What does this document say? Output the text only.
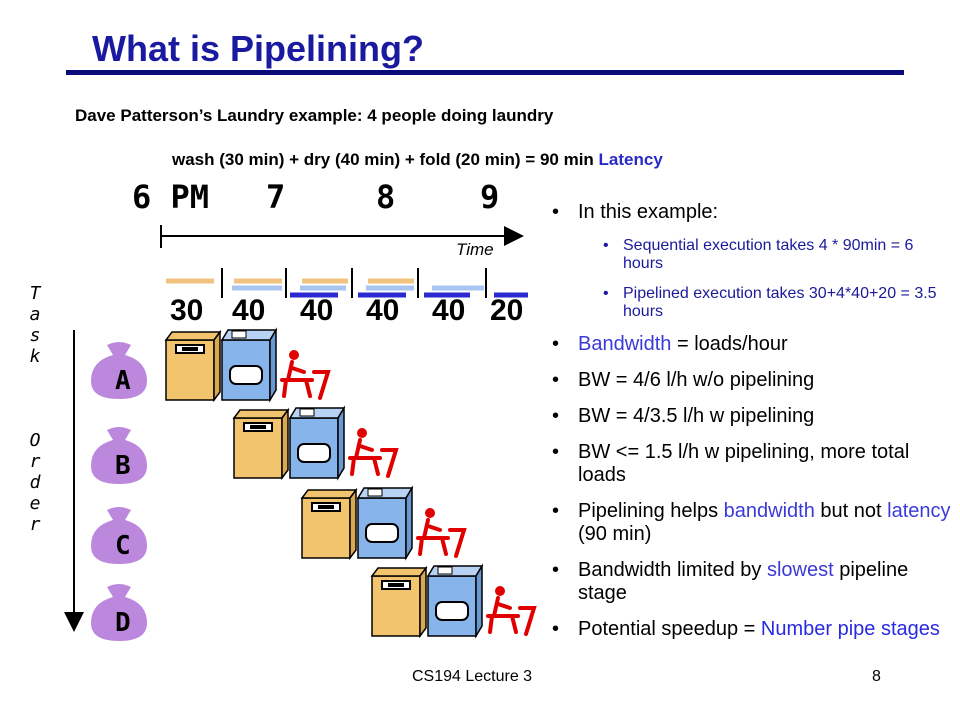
What is Pipelining?
Dave Patterson’s Laundry example: 4 people doing laundry
wash (30 min) + dry (40 min) + fold (20 min) = 90 min Latency
6 PM 7	8	9
A
B
C
D
Time
30 40 40 40 40 20
T
a
s
k
O
r
d
e
r
• In this example:
• Sequential execution takes 4 * 90min = 6 hours
• Pipelined execution takes 30+4*40+20 = 3.5 hours
• Bandwidth = loads/hour
• BW = 4/6 l/h w/o pipelining
• BW = 4/3.5 l/h w pipelining
• BW <= 1.5 l/h w pipelining, more total loads
• Pipelining helps bandwidth but not latency (90 min)
• Bandwidth limited by slowest pipeline stage
• Potential speedup = Number pipe stages
CS194 Lecture 3	8
